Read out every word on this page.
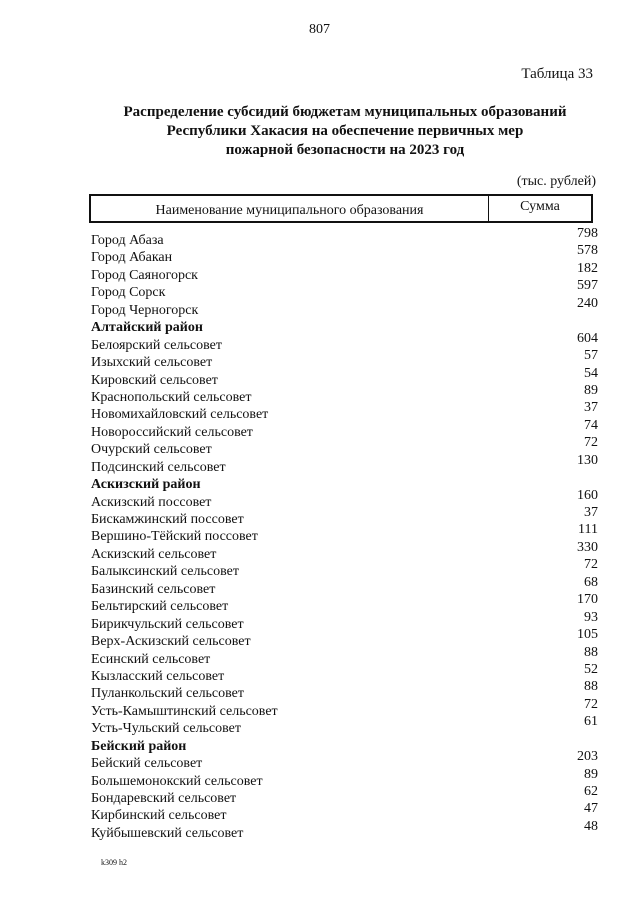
807
Таблица 33
Распределение субсидий бюджетам муниципальных образований
Республики Хакасия на обеспечение первичных мер
пожарной безопасности на 2023 год
(тыс. рублей)
Наименование муниципального образования	Сумма
Город Абаза	798
Город Абакан	578
Город Саяногорск	182
Город Сорск	597
Город Черногорск	240
Алтайский район
Белоярский сельсовет	604
Изыхский сельсовет	57
Кировский сельсовет	54
Краснопольский сельсовет	89
Новомихайловский сельсовет	37
Новороссийский сельсовет	74
Очурский сельсовет	72
Подсинский сельсовет	130
Аскизский район
Аскизский поссовет	160
Бискамжинский поссовет	37
Вершино-Тёйский поссовет	111
Аскизский сельсовет	330
Балыксинский сельсовет	72
Базинский сельсовет	68
Бельтирский сельсовет	170
Бирикчульский сельсовет	93
Верх-Аскизский сельсовет	105
Есинский сельсовет	88
Кызласский сельсовет	52
Пуланкольский сельсовет	88
Усть-Камыштинский сельсовет	72
Усть-Чульский сельсовет	61
Бейский район
Бейский сельсовет	203
Большемонокский сельсовет	89
Бондаревский сельсовет	62
Кирбинский сельсовет	47
Куйбышевский сельсовет	48
k309 h2
